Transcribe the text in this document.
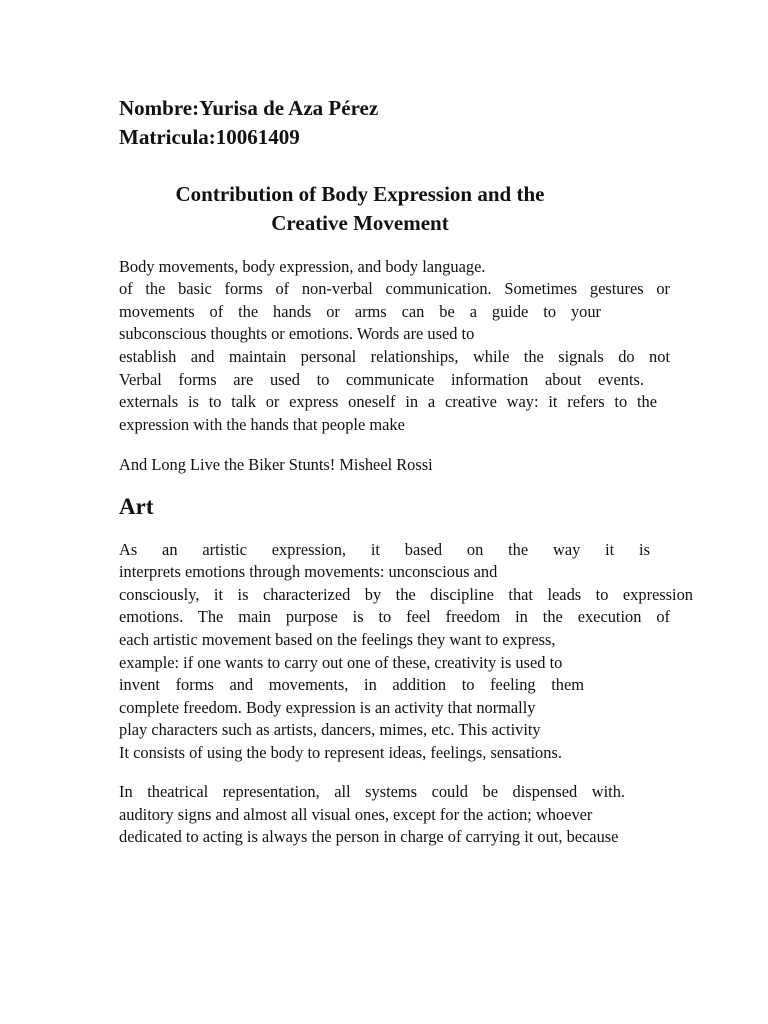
Nombre:Yurisa de Aza Pérez
Matricula:10061409
Contribution of Body Expression and the
Creative Movement
Body movements, body expression, and body language.
of the basic forms of non-verbal communication. Sometimes gestures or
movements of the hands or arms can be a guide to your
subconscious thoughts or emotions. Words are used to
establish and maintain personal relationships, while the signals do not
Verbal forms are used to communicate information about events.
externals is to talk or express oneself in a creative way: it refers to the
expression with the hands that people make
And Long Live the Biker Stunts! Misheel Rossi
Art
As an artistic expression, it based on the way it is
interprets emotions through movements: unconscious and
consciously, it is characterized by the discipline that leads to expression
emotions. The main purpose is to feel freedom in the execution of
each artistic movement based on the feelings they want to express,
example: if one wants to carry out one of these, creativity is used to
invent forms and movements, in addition to feeling them
complete freedom. Body expression is an activity that normally
play characters such as artists, dancers, mimes, etc. This activity
It consists of using the body to represent ideas, feelings, sensations.
In theatrical representation, all systems could be dispensed with.
auditory signs and almost all visual ones, except for the action; whoever
dedicated to acting is always the person in charge of carrying it out, because
